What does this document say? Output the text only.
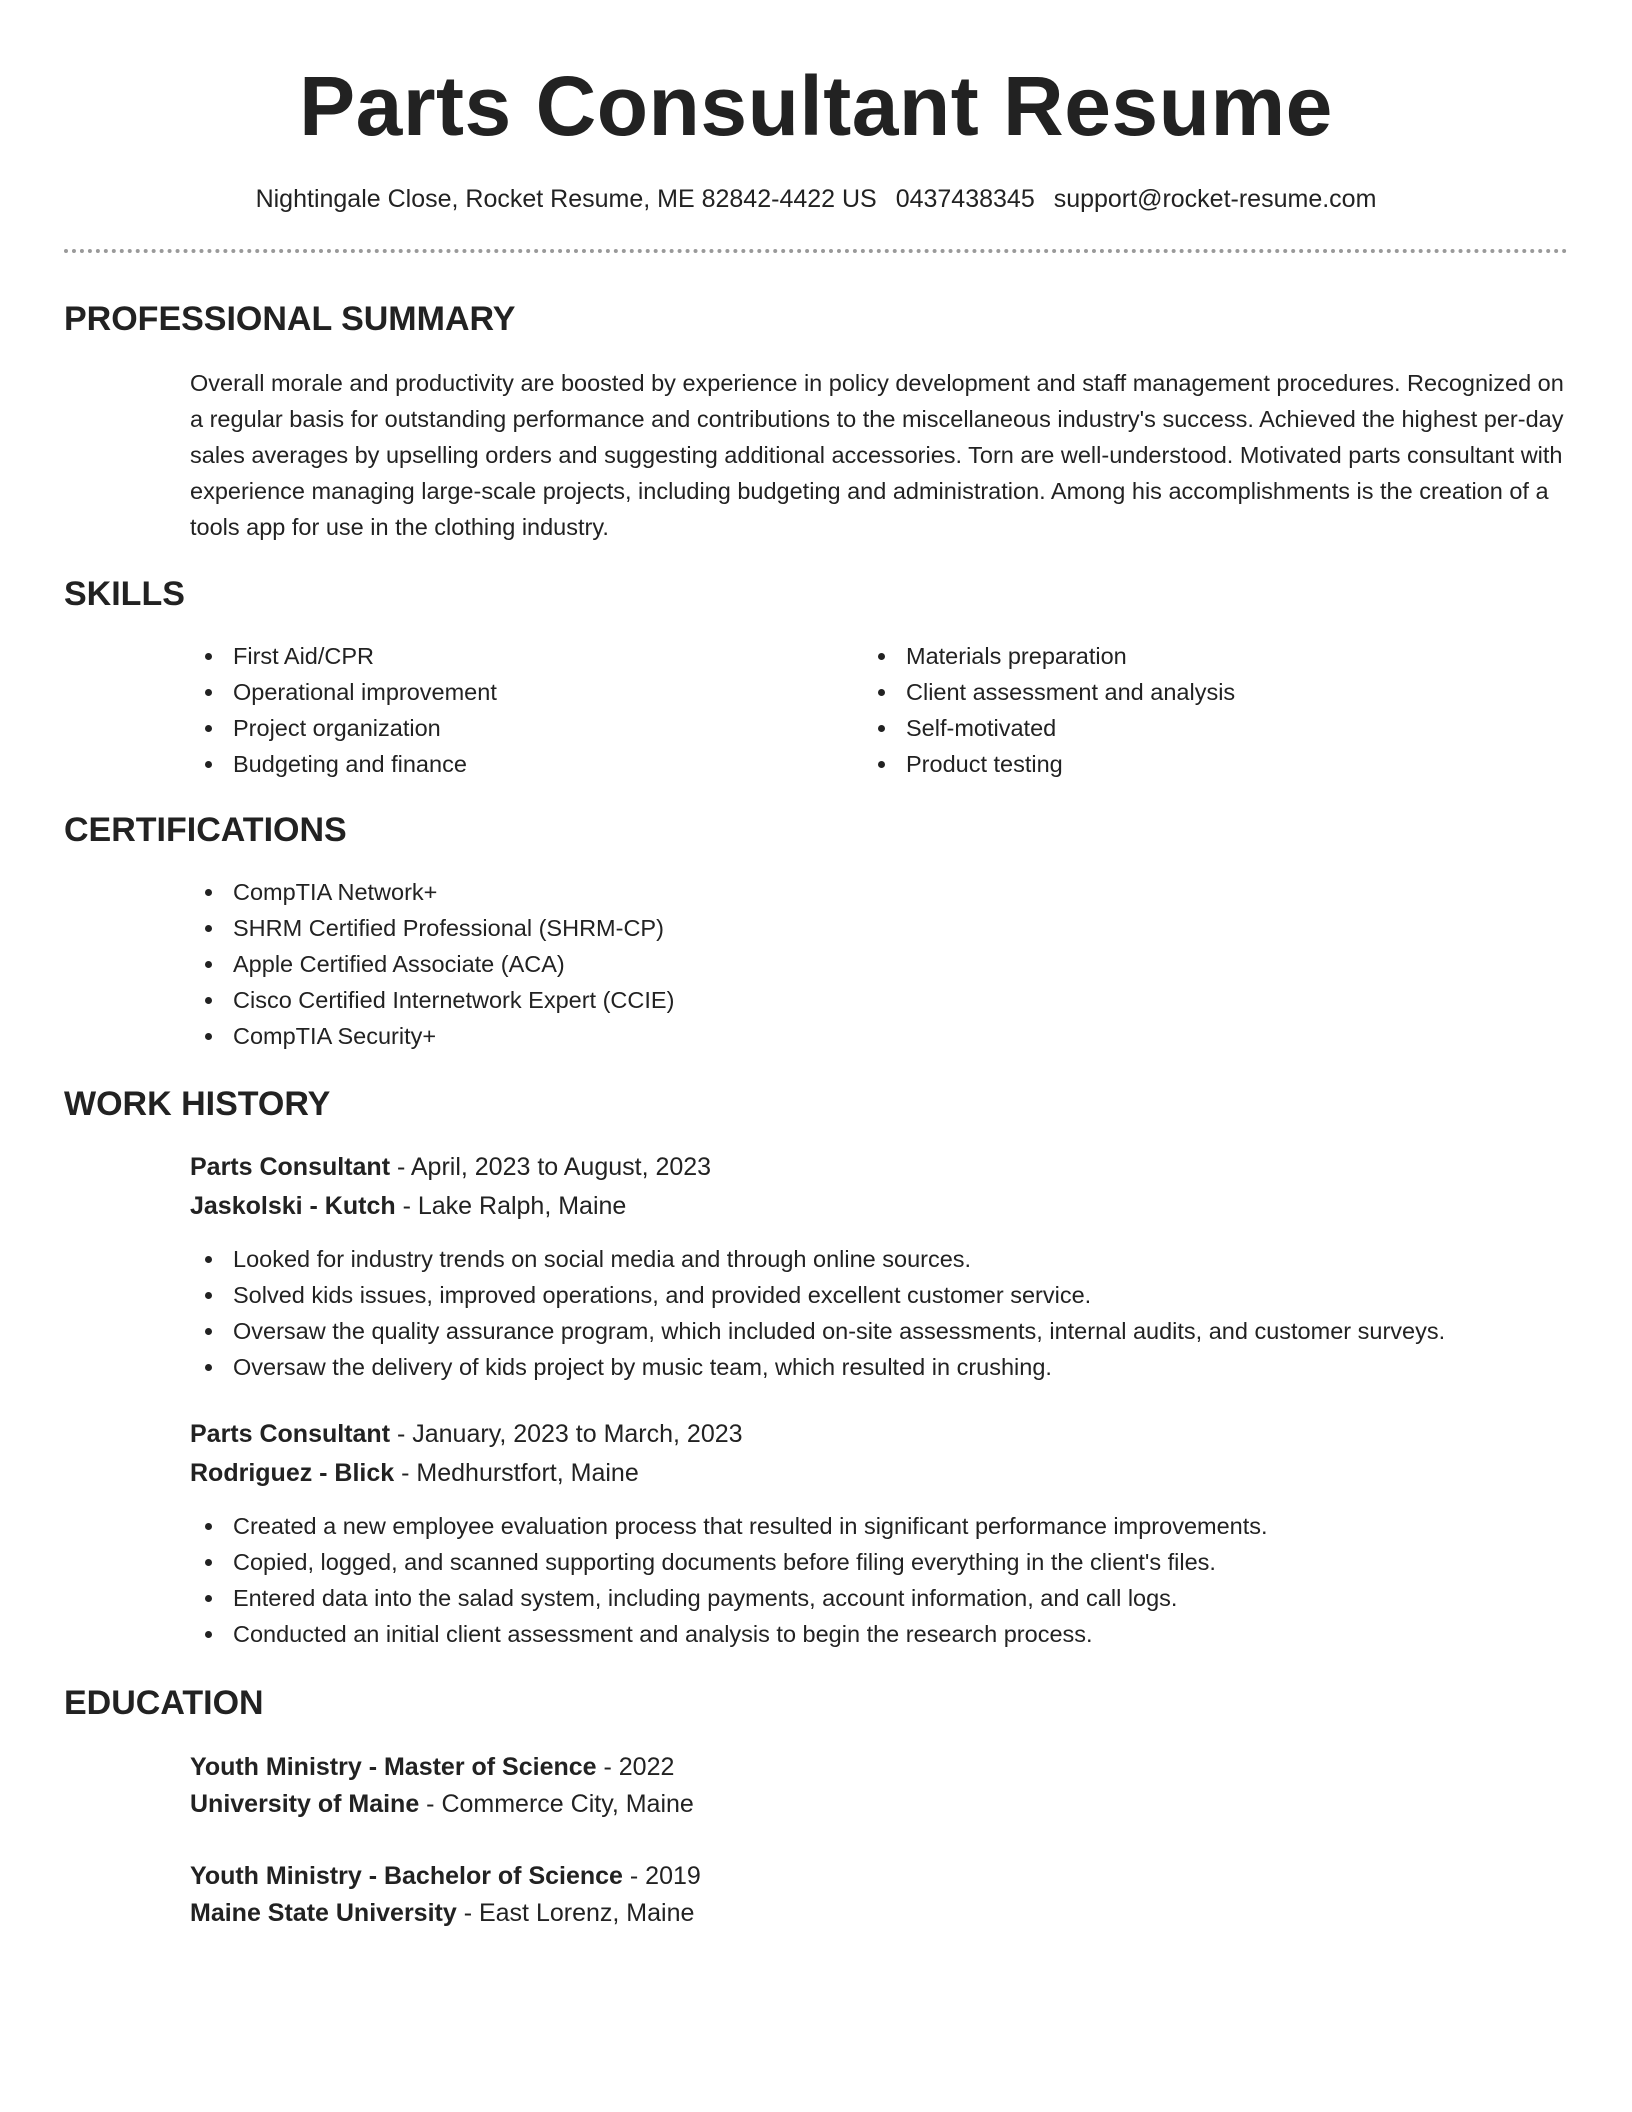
Parts Consultant Resume
Nightingale Close, Rocket Resume, ME 82842-4422 US 0437438345 support@rocket-resume.com
PROFESSIONAL SUMMARY

Overall morale and productivity are boosted by experience in policy development and staff management procedures. Recognized on a regular basis for outstanding performance and contributions to the miscellaneous industry's success. Achieved the highest per-day sales averages by upselling orders and suggesting additional accessories. Torn are well-understood. Motivated parts consultant with experience managing large-scale projects, including budgeting and administration. Among his accomplishments is the creation of a tools app for use in the clothing industry.

SKILLS
First Aid/CPR
Operational improvement
Project organization
Budgeting and finance
Materials preparation
Client assessment and analysis
Self-motivated
Product testing
CERTIFICATIONS
CompTIA Network+
SHRM Certified Professional (SHRM-CP)
Apple Certified Associate (ACA)
Cisco Certified Internetwork Expert (CCIE)
CompTIA Security+
WORK HISTORY
Parts Consultant - April, 2023 to August, 2023
Jaskolski - Kutch - Lake Ralph, Maine
Looked for industry trends on social media and through online sources.
Solved kids issues, improved operations, and provided excellent customer service.
Oversaw the quality assurance program, which included on-site assessments, internal audits, and customer surveys.
Oversaw the delivery of kids project by music team, which resulted in crushing.
Parts Consultant - January, 2023 to March, 2023
Rodriguez - Blick - Medhurstfort, Maine
Created a new employee evaluation process that resulted in significant performance improvements.
Copied, logged, and scanned supporting documents before filing everything in the client's files.
Entered data into the salad system, including payments, account information, and call logs.
Conducted an initial client assessment and analysis to begin the research process.
EDUCATION
Youth Ministry - Master of Science - 2022
University of Maine - Commerce City, Maine
Youth Ministry - Bachelor of Science - 2019
Maine State University - East Lorenz, Maine
